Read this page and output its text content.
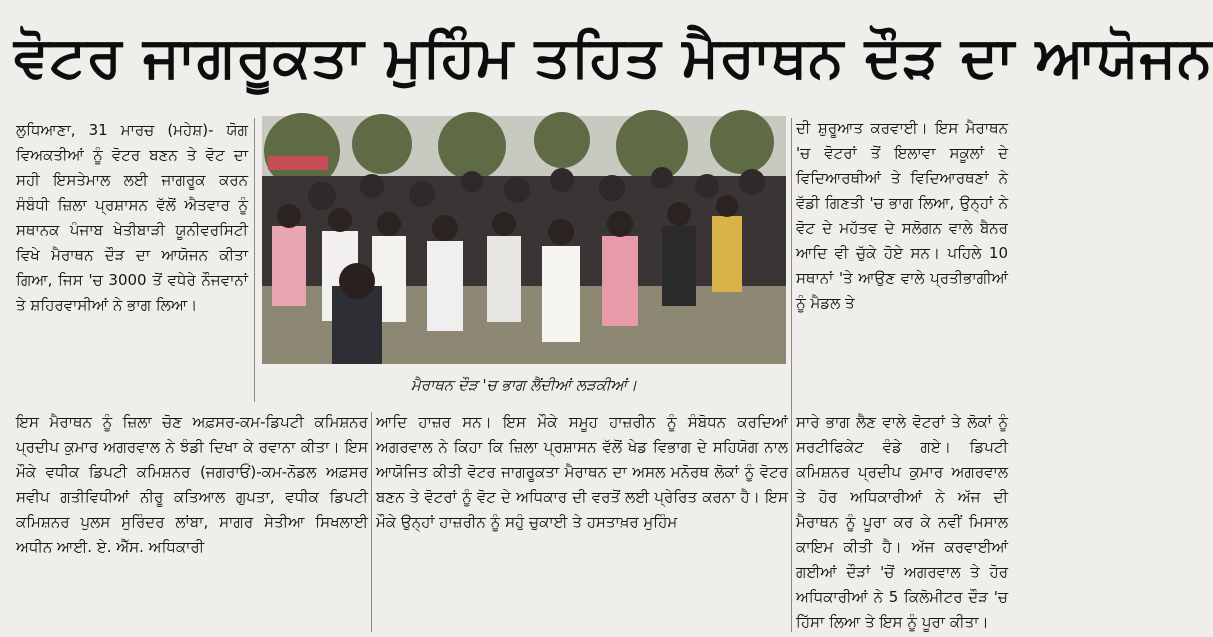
ਵੋਟਰ ਜਾਗਰੂਕਤਾ ਮੁਹਿੰਮ ਤਹਿਤ ਮੈਰਾਥਨ ਦੌੜ ਦਾ ਆਯੋਜਨ

ਲੁਧਿਆਣਾ, 31 ਮਾਰਚ (ਮਹੇਸ਼)- ਯੋਗ ਵਿਅਕਤੀਆਂ ਨੂੰ ਵੋਟਰ ਬਣਨ ਤੇ ਵੋਟ ਦਾ ਸਹੀ ਇਸਤੇਮਾਲ ਲਈ ਜਾਗਰੂਕ ਕਰਨ ਸੰਬੰਧੀ ਜ਼ਿਲਾ ਪ੍ਰਸ਼ਾਸਨ ਵੱਲੋਂ ਐਤਵਾਰ ਨੂੰ ਸਥਾਨਕ ਪੰਜਾਬ ਖੇਤੀਬਾੜੀ ਯੂਨੀਵਰਸਿਟੀ ਵਿਖੇ ਮੈਰਾਥਨ ਦੌੜ ਦਾ ਆਯੋਜਨ ਕੀਤਾ ਗਿਆ, ਜਿਸ 'ਚ 3000 ਤੋਂ ਵਧੇਰੇ ਨੌਜਵਾਨਾਂ ਤੇ ਸ਼ਹਿਰਵਾਸੀਆਂ ਨੇ ਭਾਗ ਲਿਆ।

ਮੈਰਾਥਨ ਦੌੜ 'ਚ ਭਾਗ ਲੈਂਦੀਆਂ ਲੜਕੀਆਂ।

ਦੀ ਸ਼ੁਰੂਆਤ ਕਰਵਾਈ। ਇਸ ਮੈਰਾਥਨ 'ਚ ਵੋਟਰਾਂ ਤੋਂ ਇਲਾਵਾ ਸਕੂਲਾਂ ਦੇ ਵਿਦਿਆਰਥੀਆਂ ਤੇ ਵਿਦਿਆਰਥਣਾਂ ਨੇ ਵੱਡੀ ਗਿਣਤੀ 'ਚ ਭਾਗ ਲਿਆ, ਉਨ੍ਹਾਂ ਨੇ ਵੋਟ ਦੇ ਮਹੱਤਵ ਦੇ ਸਲੋਗਨ ਵਾਲੇ ਬੈਨਰ ਆਦਿ ਵੀ ਚੁੱਕੇ ਹੋਏ ਸਨ। ਪਹਿਲੇ 10 ਸਥਾਨਾਂ 'ਤੇ ਆਉਣ ਵਾਲੇ ਪ੍ਰਤੀਭਾਗੀਆਂ ਨੂੰ ਮੈਡਲ ਤੇ

ਇਸ ਮੈਰਾਥਨ ਨੂੰ ਜ਼ਿਲਾ ਚੋਣ ਅਫ਼ਸਰ-ਕਮ-ਡਿਪਟੀ ਕਮਿਸ਼ਨਰ ਪ੍ਰਦੀਪ ਕੁਮਾਰ ਅਗਰਵਾਲ ਨੇ ਝੰਡੀ ਦਿਖਾ ਕੇ ਰਵਾਨਾ ਕੀਤਾ। ਇਸ ਮੌਕੇ ਵਧੀਕ ਡਿਪਟੀ ਕਮਿਸ਼ਨਰ (ਜਗਰਾਓਂ)-ਕਮ-ਨੋਡਲ ਅਫ਼ਸਰ ਸਵੀਪ ਗਤੀਵਿਧੀਆਂ ਨੀਰੂ ਕਤਿਆਲ ਗੁਪਤਾ, ਵਧੀਕ ਡਿਪਟੀ ਕਮਿਸ਼ਨਰ ਪੁਲਸ ਸੁਰਿੰਦਰ ਲਾਂਬਾ, ਸਾਗਰ ਸੇਤੀਆ ਸਿਖਲਾਈ ਅਧੀਨ ਆਈ. ਏ. ਐੱਸ. ਅਧਿਕਾਰੀ

ਆਦਿ ਹਾਜ਼ਰ ਸਨ। ਇਸ ਮੌਕੇ ਸਮੂਹ ਹਾਜ਼ਰੀਨ ਨੂੰ ਸੰਬੋਧਨ ਕਰਦਿਆਂ ਅਗਰਵਾਲ ਨੇ ਕਿਹਾ ਕਿ ਜ਼ਿਲਾ ਪ੍ਰਸ਼ਾਸਨ ਵੱਲੋਂ ਖੇਡ ਵਿਭਾਗ ਦੇ ਸਹਿਯੋਗ ਨਾਲ ਆਯੋਜਿਤ ਕੀਤੀ ਵੋਟਰ ਜਾਗਰੂਕਤਾ ਮੈਰਾਥਨ ਦਾ ਅਸਲ ਮਨੋਰਥ ਲੋਕਾਂ ਨੂੰ ਵੋਟਰ ਬਣਨ ਤੇ ਵੋਟਰਾਂ ਨੂੰ ਵੋਟ ਦੇ ਅਧਿਕਾਰ ਦੀ ਵਰਤੋਂ ਲਈ ਪ੍ਰੇਰਿਤ ਕਰਨਾ ਹੈ। ਇਸ ਮੌਕੇ ਉਨ੍ਹਾਂ ਹਾਜ਼ਰੀਨ ਨੂੰ ਸਹੁੰ ਚੁਕਾਈ ਤੇ ਹਸਤਾਖ਼ਰ ਮੁਹਿੰਮ

ਸਾਰੇ ਭਾਗ ਲੈਣ ਵਾਲੇ ਵੋਟਰਾਂ ਤੇ ਲੋਕਾਂ ਨੂੰ ਸਰਟੀਫਿਕੇਟ ਵੰਡੇ ਗਏ। ਡਿਪਟੀ ਕਮਿਸ਼ਨਰ ਪ੍ਰਦੀਪ ਕੁਮਾਰ ਅਗਰਵਾਲ ਤੇ ਹੋਰ ਅਧਿਕਾਰੀਆਂ ਨੇ ਅੱਜ ਦੀ ਮੈਰਾਥਨ ਨੂੰ ਪੂਰਾ ਕਰ ਕੇ ਨਵੀਂ ਮਿਸਾਲ ਕਾਇਮ ਕੀਤੀ ਹੈ। ਅੱਜ ਕਰਵਾਈਆਂ ਗਈਆਂ ਦੌੜਾਂ 'ਚੋਂ ਅਗਰਵਾਲ ਤੇ ਹੋਰ ਅਧਿਕਾਰੀਆਂ ਨੇ 5 ਕਿਲੋਮੀਟਰ ਦੌੜ 'ਚ ਹਿੱਸਾ ਲਿਆ ਤੇ ਇਸ ਨੂੰ ਪੂਰਾ ਕੀਤਾ।
